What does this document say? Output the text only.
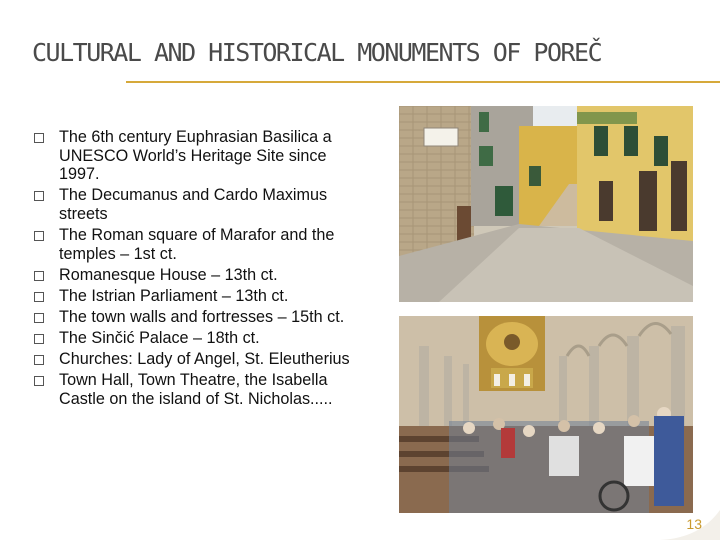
CULTURAL AND HISTORICAL MONUMENTS OF POREČ
The 6th century Euphrasian Basilica a UNESCO World’s Heritage Site since 1997.
The Decumanus and Cardo Maximus streets
The Roman square of Marafor and the temples – 1st ct.
Romanesque House – 13th ct.
The Istrian Parliament – 13th ct.
The town walls and fortresses – 15th ct.
The Sinčić Palace – 18th ct.
Churches: Lady of Angel, St. Eleutherius
Town Hall, Town Theatre, the Isabella Castle on the island of St. Nicholas.....
13
